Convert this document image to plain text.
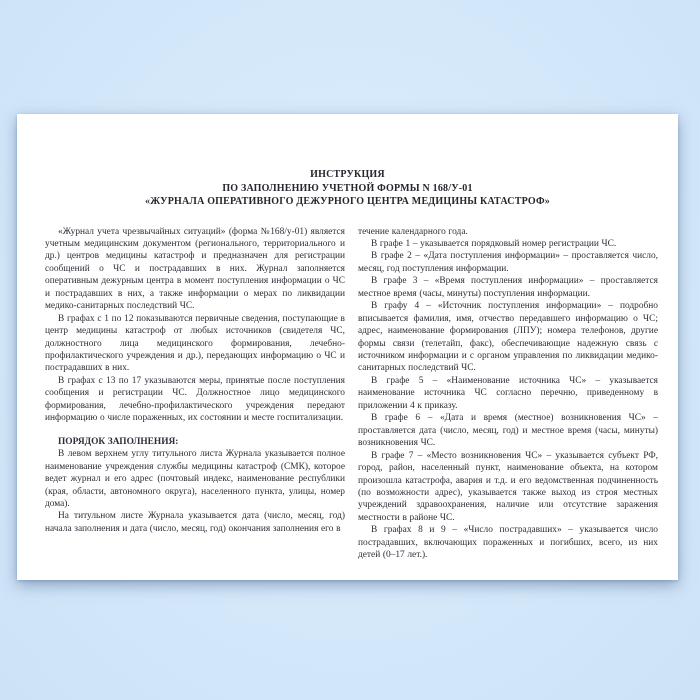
ИНСТРУКЦИЯ
ПО ЗАПОЛНЕНИЮ УЧЕТНОЙ ФОРМЫ N 168/У-01
«ЖУРНАЛА ОПЕРАТИВНОГО ДЕЖУРНОГО ЦЕНТРА МЕДИЦИНЫ КАТАСТРОФ»

«Журнал учета чрезвычайных ситуаций» (форма №168/у-01) является учетным медицинским документом (регионального, территориального и др.) центров медицины катастроф и предназначен для регистрации сообщений о ЧС и пострадавших в них. Журнал заполняется оперативным дежурным центра в момент поступления информации о ЧС и пострадавших в них, а также информации о мерах по ликвидации медико-санитарных последствий ЧС.

В графах с 1 по 12 показываются первичные сведения, поступающие в центр медицины катастроф от любых источников (свидетеля ЧС, должностного лица медицинского формирования, лечебно-профилактического учреждения и др.), передающих информацию о ЧС и пострадавших в них.

В графах с 13 по 17 указываются меры, принятые после поступления сообщения и регистрации ЧС. Должностное лицо медицинского формирования, лечебно-профилактического учреждения передают информацию о числе пораженных, их состоянии и месте госпитализации.

ПОРЯДОК ЗАПОЛНЕНИЯ:

В левом верхнем углу титульного листа Журнала указывается полное наименование учреждения службы медицины катастроф (СМК), которое ведет журнал и его адрес (почтовый индекс, наименование республики (края, области, автономного округа), населенного пункта, улицы, номер дома).

На титульном листе Журнала указывается дата (число, месяц, год) начала заполнения и дата (число, месяц, год) окончания заполнения его в

течение календарного года.

В графе 1 – указывается порядковый номер регистрации ЧС.

В графе 2 – «Дата поступления информации» – проставляется число, месяц, год поступления информации.

В графе 3 – «Время поступления информации» – проставляется местное время (часы, минуты) поступления информации.

В графу 4 – «Источник поступления информации» – подробно вписывается фамилия, имя, отчество передавшего информацию о ЧС; адрес, наименование формирования (ЛПУ); номера телефонов, другие формы связи (телетайп, факс), обеспечивающие надежную связь с источником информации и с органом управления по ликвидации медико-санитарных последствий ЧС.

В графе 5 – «Наименование источника ЧС» – указывается наименование источника ЧС согласно перечню, приведенному в приложении 4 к приказу.

В графе 6 – «Дата и время (местное) возникновения ЧС» – проставляется дата (число, месяц, год) и местное время (часы, минуты) возникновения ЧС.

В графе 7 – «Место возникновения ЧС» – указывается субъект РФ, город, район, населенный пункт, наименование объекта, на котором произошла катастрофа, авария и т.д. и его ведомственная подчиненность (по возможности адрес), указывается также выход из строя местных учреждений здравоохранения, наличие или отсутствие заражения местности в районе ЧС.

В графах 8 и 9 – «Число пострадавших» – указывается число пострадавших, включающих пораженных и погибших, всего, из них детей (0–17 лет.).
